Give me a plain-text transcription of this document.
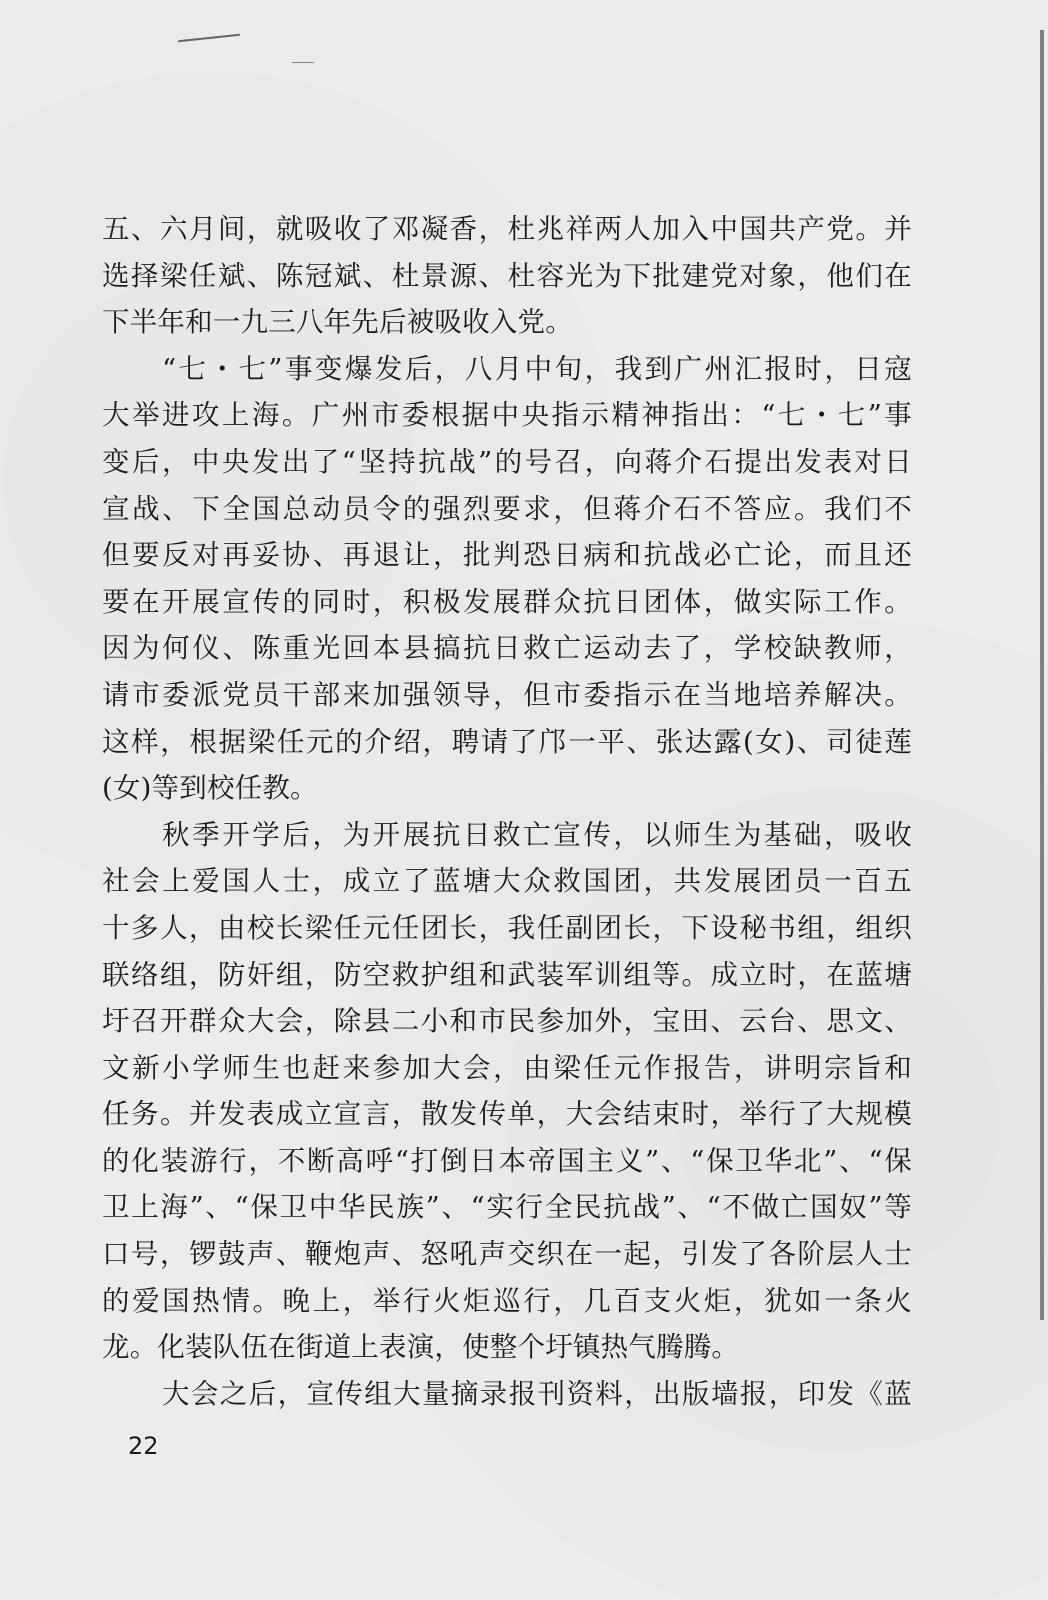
五、六月间，就吸收了邓凝香，杜兆祥两人加入中国共产党。并
选择梁任斌、陈冠斌、杜景源、杜容光为下批建党对象，他们在
下半年和一九三八年先后被吸收入党。
“七・七”事变爆发后，八月中旬，我到广州汇报时，日寇
大举进攻上海。广州市委根据中央指示精神指出：“七・七”事
变后，中央发出了“坚持抗战”的号召，向蒋介石提出发表对日
宣战、下全国总动员令的强烈要求，但蒋介石不答应。我们不
但要反对再妥协、再退让，批判恐日病和抗战必亡论，而且还
要在开展宣传的同时，积极发展群众抗日团体，做实际工作。
因为何仪、陈重光回本县搞抗日救亡运动去了，学校缺教师，
请市委派党员干部来加强领导，但市委指示在当地培养解决。
这样，根据梁任元的介绍，聘请了邝一平、张达露(女)、司徒莲
(女)等到校任教。
秋季开学后，为开展抗日救亡宣传，以师生为基础，吸收
社会上爱国人士，成立了蓝塘大众救国团，共发展团员一百五
十多人，由校长梁任元任团长，我任副团长，下设秘书组，组织
联络组，防奸组，防空救护组和武装军训组等。成立时，在蓝塘
圩召开群众大会，除县二小和市民参加外，宝田、云台、思文、
文新小学师生也赶来参加大会，由梁任元作报告，讲明宗旨和
任务。并发表成立宣言，散发传单，大会结束时，举行了大规模
的化装游行，不断高呼“打倒日本帝国主义”、“保卫华北”、“保
卫上海”、“保卫中华民族”、“实行全民抗战”、“不做亡国奴”等
口号，锣鼓声、鞭炮声、怒吼声交织在一起，引发了各阶层人士
的爱国热情。晚上，举行火炬巡行，几百支火炬，犹如一条火
龙。化装队伍在街道上表演，使整个圩镇热气腾腾。
大会之后，宣传组大量摘录报刊资料，出版墙报，印发《蓝
22
